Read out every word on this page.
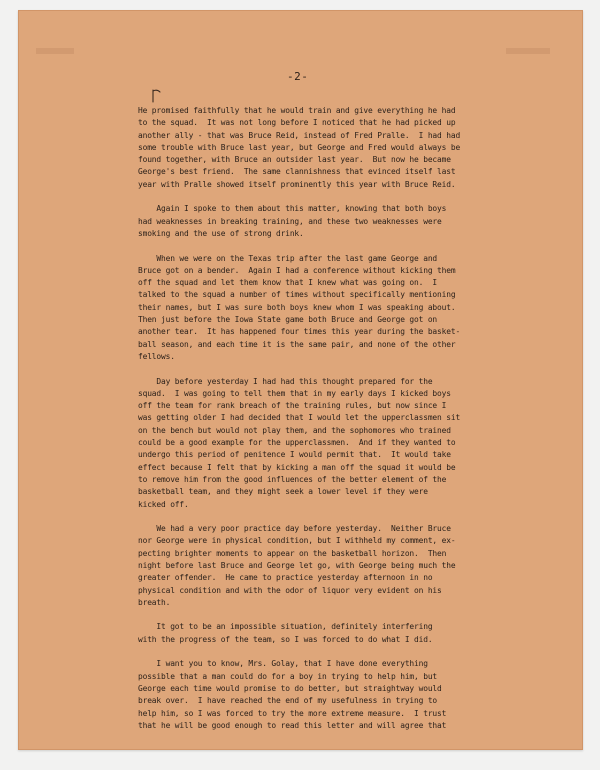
-2-

He promised faithfully that he would train and give everything he had
to the squad.  It was not long before I noticed that he had picked up
another ally - that was Bruce Reid, instead of Fred Pralle.  I had had
some trouble with Bruce last year, but George and Fred would always be
found together, with Bruce an outsider last year.  But now he became
George's best friend.  The same clannishness that evinced itself last
year with Pralle showed itself prominently this year with Bruce Reid.

Again I spoke to them about this matter, knowing that both boys
had weaknesses in breaking training, and these two weaknesses were
smoking and the use of strong drink.

When we were on the Texas trip after the last game George and
Bruce got on a bender.  Again I had a conference without kicking them
off the squad and let them know that I knew what was going on.  I
talked to the squad a number of times without specifically mentioning
their names, but I was sure both boys knew whom I was speaking about.
Then just before the Iowa State game both Bruce and George got on
another tear.  It has happened four times this year during the basket-
ball season, and each time it is the same pair, and none of the other
fellows.

Day before yesterday I had had this thought prepared for the
squad.  I was going to tell them that in my early days I kicked boys
off the team for rank breach of the training rules, but now since I
was getting older I had decided that I would let the upperclassmen sit
on the bench but would not play them, and the sophomores who trained
could be a good example for the upperclassmen.  And if they wanted to
undergo this period of penitence I would permit that.  It would take
effect because I felt that by kicking a man off the squad it would be
to remove him from the good influences of the better element of the
basketball team, and they might seek a lower level if they were
kicked off.

We had a very poor practice day before yesterday.  Neither Bruce
nor George were in physical condition, but I withheld my comment, ex-
pecting brighter moments to appear on the basketball horizon.  Then
night before last Bruce and George let go, with George being much the
greater offender.  He came to practice yesterday afternoon in no
physical condition and with the odor of liquor very evident on his
breath.

It got to be an impossible situation, definitely interfering
with the progress of the team, so I was forced to do what I did.

I want you to know, Mrs. Golay, that I have done everything
possible that a man could do for a boy in trying to help him, but
George each time would promise to do better, but straightway would
break over.  I have reached the end of my usefulness in trying to
help him, so I was forced to try the more extreme measure.  I trust
that he will be good enough to read this letter and will agree that
